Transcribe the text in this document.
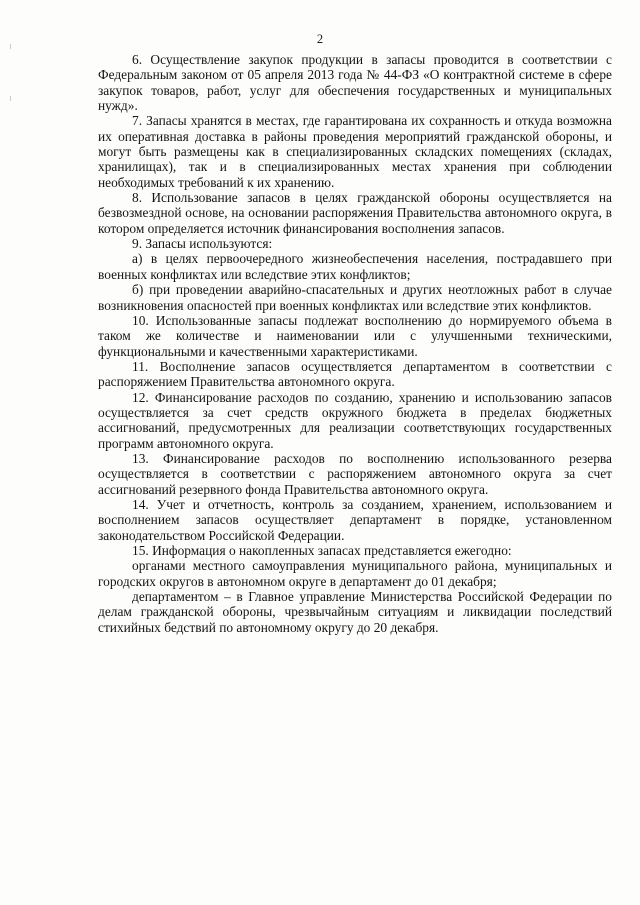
2

6. Осуществление закупок продукции в запасы проводится в соответствии с Федеральным законом от 05 апреля 2013 года № 44-ФЗ «О контрактной системе в сфере закупок товаров, работ, услуг для обеспечения государственных и муниципальных нужд».

7. Запасы хранятся в местах, где гарантирована их сохранность и откуда возможна их оперативная доставка в районы проведения мероприятий гражданской обороны, и могут быть размещены как в специализированных складских помещениях (складах, хранилищах), так и в специализированных местах хранения при соблюдении необходимых требований к их хранению.

8. Использование запасов в целях гражданской обороны осуществляется на безвозмездной основе, на основании распоряжения Правительства автономного округа, в котором определяется источник финансирования восполнения запасов.

9. Запасы используются:

а) в целях первоочередного жизнеобеспечения населения, пострадавшего при военных конфликтах или вследствие этих конфликтов;

б) при проведении аварийно-спасательных и других неотложных работ в случае возникновения опасностей при военных конфликтах или вследствие этих конфликтов.

10. Использованные запасы подлежат восполнению до нормируемого объема в таком же количестве и наименовании или с улучшенными техническими, функциональными и качественными характеристиками.

11. Восполнение запасов осуществляется департаментом в соответствии с распоряжением Правительства автономного округа.

12. Финансирование расходов по созданию, хранению и использованию запасов осуществляется за счет средств окружного бюджета в пределах бюджетных ассигнований, предусмотренных для реализации соответствующих государственных программ автономного округа.

13. Финансирование расходов по восполнению использованного резерва осуществляется в соответствии с распоряжением автономного округа за счет ассигнований резервного фонда Правительства автономного округа.

14. Учет и отчетность, контроль за созданием, хранением, использованием и восполнением запасов осуществляет департамент в порядке, установленном законодательством Российской Федерации.

15. Информация о накопленных запасах представляется ежегодно:

органами местного самоуправления муниципального района, муниципальных и городских округов в автономном округе в департамент до 01 декабря;

департаментом – в Главное управление Министерства Российской Федерации по делам гражданской обороны, чрезвычайным ситуациям и ликвидации последствий стихийных бедствий по автономному округу до 20 декабря.
